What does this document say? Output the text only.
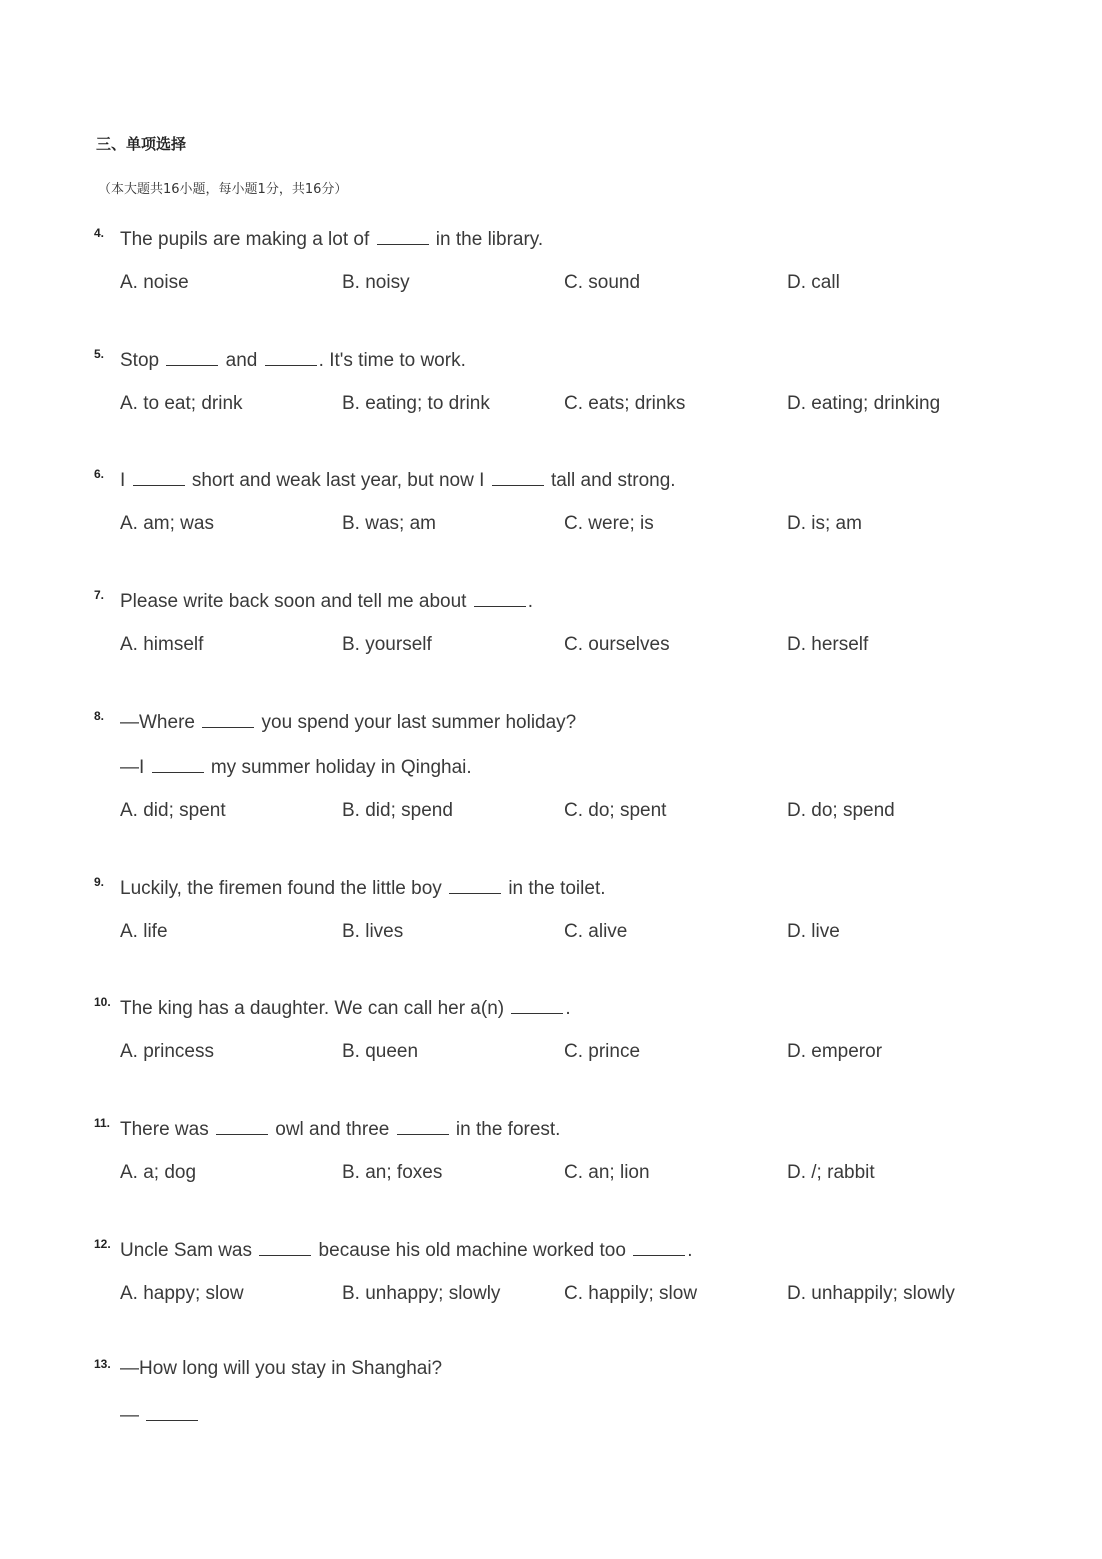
三、单项选择
（本大题共16小题，每小题1分，共16分）
4. The pupils are making a lot of	in the library.
A. noise	B. noisy	C. sound	D. call
5. Stop	and	. It's time to work.
A. to eat; drink	B. eating; to drink	C. eats; drinks	D. eating; drinking
6. I	short and weak last year, but now I	tall and strong.
A. am; was	B. was; am	C. were; is	D. is; am
7. Please write back soon and tell me about	.
A. himself	B. yourself	C. ourselves	D. herself
8. —Where	you spend your last summer holiday?
—I	my summer holiday in Qinghai.
A. did; spent	B. did; spend	C. do; spent	D. do; spend
9. Luckily, the firemen found the little boy	in the toilet.
A. life	B. lives	C. alive	D. live
10. The king has a daughter. We can call her a(n)	.
A. princess	B. queen	C. prince	D. emperor
11. There was	owl and three	in the forest.
A. a; dog	B. an; foxes	C. an; lion	D. /; rabbit
12. Uncle Sam was	because his old machine worked too	.
A. happy; slow	B. unhappy; slowly	C. happily; slow	D. unhappily; slowly
13. —How long will you stay in Shanghai?
—
